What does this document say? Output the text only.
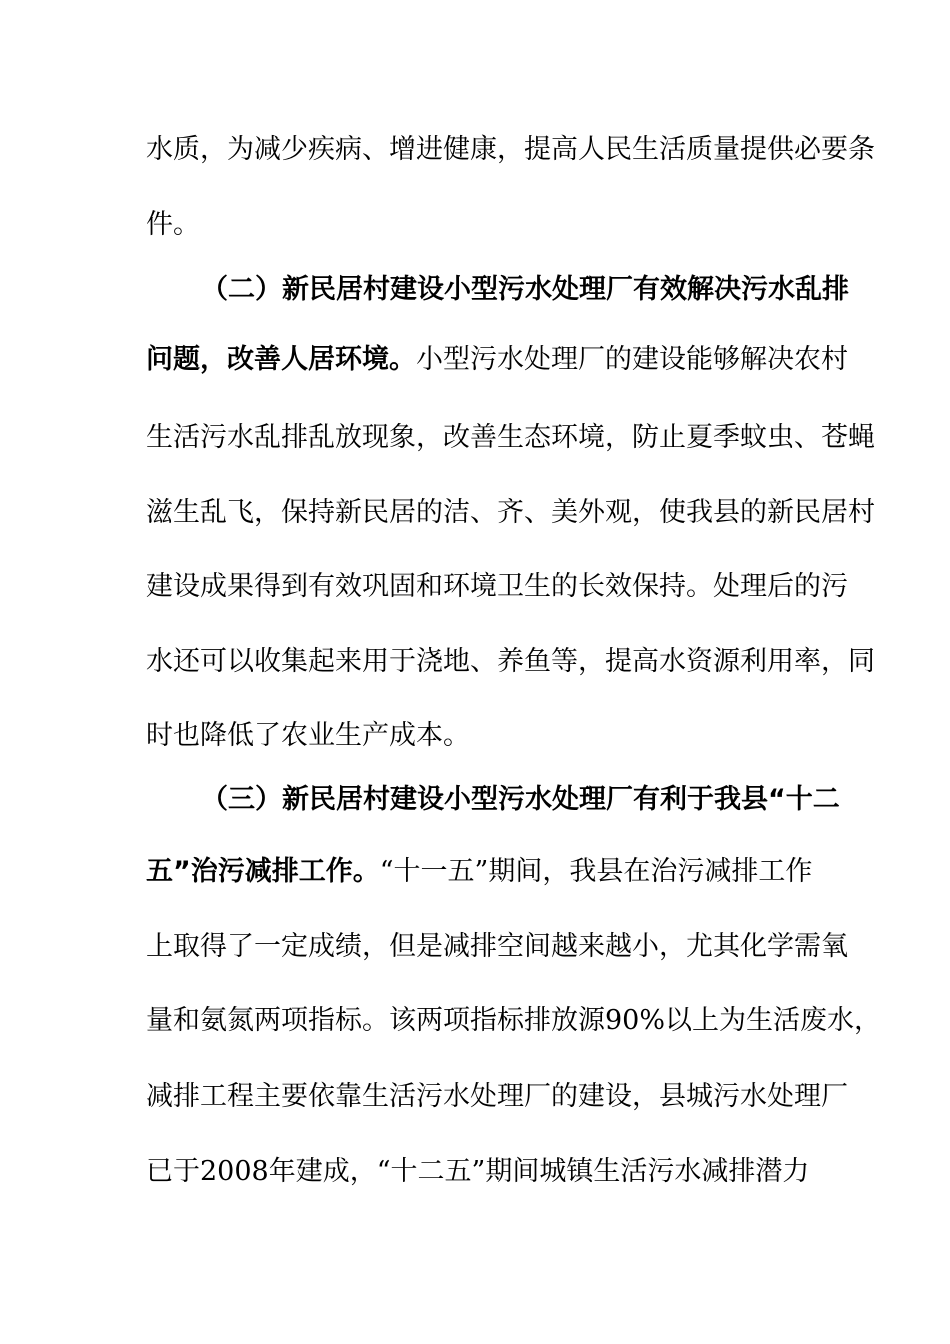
水质，为减少疾病、增进健康，提高人民生活质量提供必要条
件。
（二）新民居村建设小型污水处理厂有效解决污水乱排
问题，改善人居环境。小型污水处理厂的建设能够解决农村
生活污水乱排乱放现象，改善生态环境，防止夏季蚊虫、苍蝇
滋生乱飞，保持新民居的洁、齐、美外观，使我县的新民居村
建设成果得到有效巩固和环境卫生的长效保持。处理后的污
水还可以收集起来用于浇地、养鱼等，提高水资源利用率，同
时也降低了农业生产成本。
（三）新民居村建设小型污水处理厂有利于我县“十二
五”治污减排工作。“十一五”期间，我县在治污减排工作
上取得了一定成绩，但是减排空间越来越小，尤其化学需氧
量和氨氮两项指标。该两项指标排放源90%以上为生活废水，
减排工程主要依靠生活污水处理厂的建设，县城污水处理厂
已于2008年建成，“十二五”期间城镇生活污水减排潜力
